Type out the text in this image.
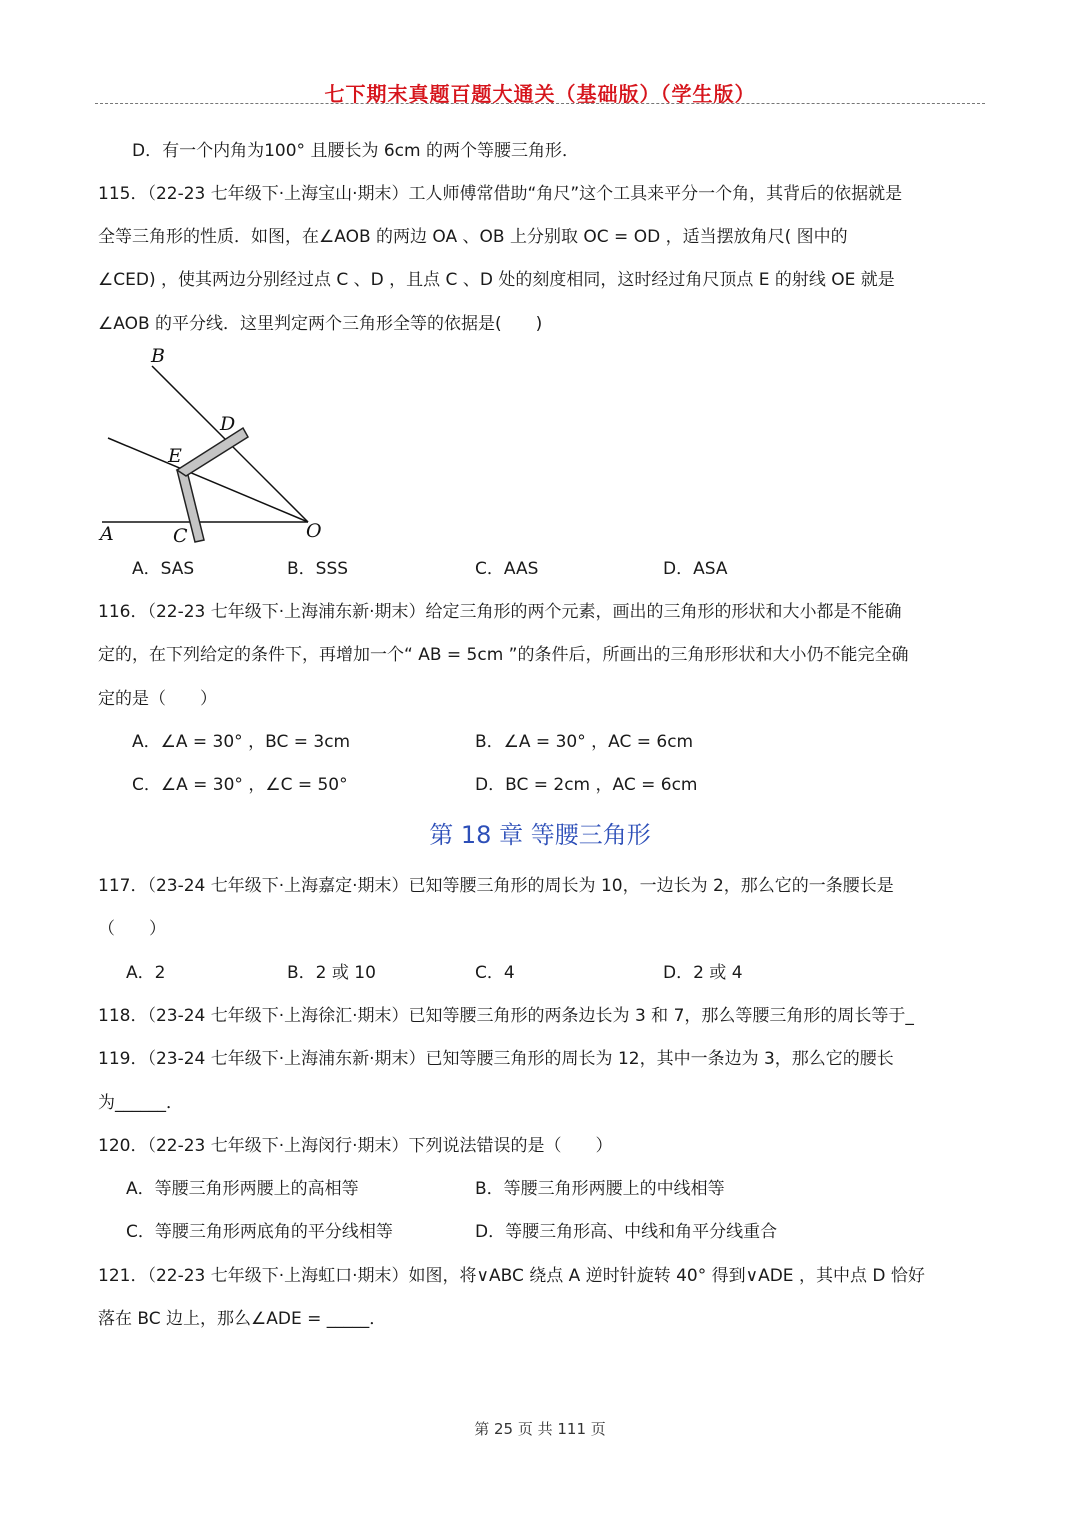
七下期末真题百题大通关（基础版）（学生版）
D．有一个内角为100° 且腰长为 6cm 的两个等腰三角形．
115．（22-23 七年级下·上海宝山·期末）工人师傅常借助“角尺”这个工具来平分一个角，其背后的依据就是
全等三角形的性质．如图，在∠AOB 的两边 OA 、OB 上分别取 OC = OD ，适当摆放角尺( 图中的
∠CED) ，使其两边分别经过点 C 、D ，且点 C 、D 处的刻度相同，这时经过角尺顶点 E 的射线 OE 就是
∠AOB 的平分线．这里判定两个三角形全等的依据是(　　)
B
D
E
A	C	O
A．SAS	B．SSS	C．AAS	D．ASA
116．（22-23 七年级下·上海浦东新·期末）给定三角形的两个元素，画出的三角形的形状和大小都是不能确
定的，在下列给定的条件下，再增加一个“ AB = 5cm ”的条件后，所画出的三角形形状和大小仍不能完全确
定的是（　　）
A．∠A = 30° ，BC = 3cm	B．∠A = 30° ，AC = 6cm
C．∠A = 30° ，∠C = 50°	D．BC = 2cm ，AC = 6cm
第 18 章 等腰三角形
117．（23-24 七年级下·上海嘉定·期末）已知等腰三角形的周长为 10，一边长为 2，那么它的一条腰长是
（　　）
A．2	B．2 或 10	C．4	D．2 或 4
118．（23-24 七年级下·上海徐汇·期末）已知等腰三角形的两条边长为 3 和 7，那么等腰三角形的周长等于_
119．（23-24 七年级下·上海浦东新·期末）已知等腰三角形的周长为 12，其中一条边为 3，那么它的腰长
为______．
120．（22-23 七年级下·上海闵行·期末）下列说法错误的是（　　）
A．等腰三角形两腰上的高相等	B．等腰三角形两腰上的中线相等
C．等腰三角形两底角的平分线相等	D．等腰三角形高、中线和角平分线重合
121．（22-23 七年级下·上海虹口·期末）如图，将∨ABC 绕点 A 逆时针旋转 40° 得到∨ADE ，其中点 D 恰好
落在 BC 边上，那么∠ADE = _____．
第 25 页 共 111 页
